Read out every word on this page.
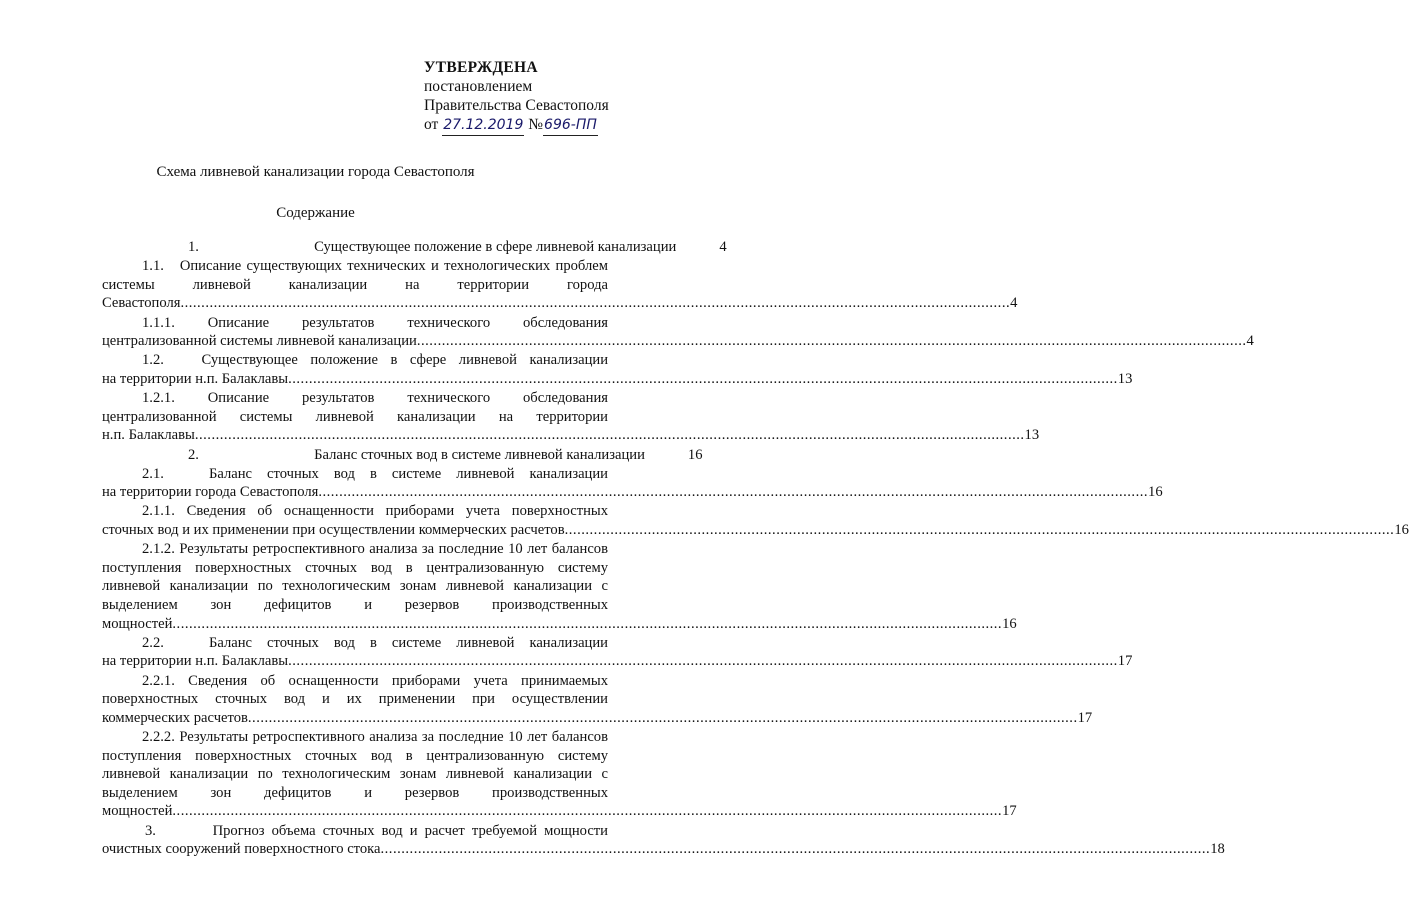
УТВЕРЖДЕНА
постановлением
Правительства Севастополя
от
27.12.2019
№ 696-ПП
Схема ливневой канализации города Севастополя
Содержание
1.
	Существующее положение в сфере ливневой канализации	4
1.1. Описание существующих технических и технологических проблем системы ливневой канализации на территории города
Севастополя ........................................................................................................................................................................................................ 4
1.1.1. Описание результатов технического обследования
централизованной системы ливневой канализации ........................................................................................................................................................................................................ 4
1.2.	Существующее положение в сфере ливневой канализации
на территории н.п. Балаклавы ........................................................................................................................................................................................................ 13
1.2.1. Описание результатов технического обследования централизованной системы ливневой канализации на территории
н.п. Балаклавы ........................................................................................................................................................................................................ 13
2.
	Баланс сточных вод в системе ливневой канализации	16
2.1.	Баланс сточных вод в системе ливневой канализации
на территории города Севастополя ........................................................................................................................................................................................................ 16
2.1.1. Сведения об оснащенности приборами учета поверхностных
сточных вод и их применении при осуществлении коммерческих расчетов ........................................................................................................................................................................................................ 16
2.1.2. Результаты ретроспективного анализа за последние 10 лет балансов поступления поверхностных сточных вод в централизованную систему ливневой канализации по технологическим зонам ливневой канализации с выделением зон дефицитов и резервов производственных
мощностей ........................................................................................................................................................................................................ 16
2.2.	Баланс сточных вод в системе ливневой канализации
на территории н.п. Балаклавы ........................................................................................................................................................................................................ 17
2.2.1. Сведения об оснащенности приборами учета принимаемых поверхностных сточных вод и их применении при осуществлении
коммерческих расчетов ........................................................................................................................................................................................................ 17
2.2.2. Результаты ретроспективного анализа за последние 10 лет балансов поступления поверхностных сточных вод в централизованную систему ливневой канализации по технологическим зонам ливневой канализации с выделением зон дефицитов и резервов производственных
мощностей ........................................................................................................................................................................................................ 17
3.	Прогноз объема сточных вод и расчет требуемой мощности
очистных сооружений поверхностного стока ........................................................................................................................................................................................................ 18
